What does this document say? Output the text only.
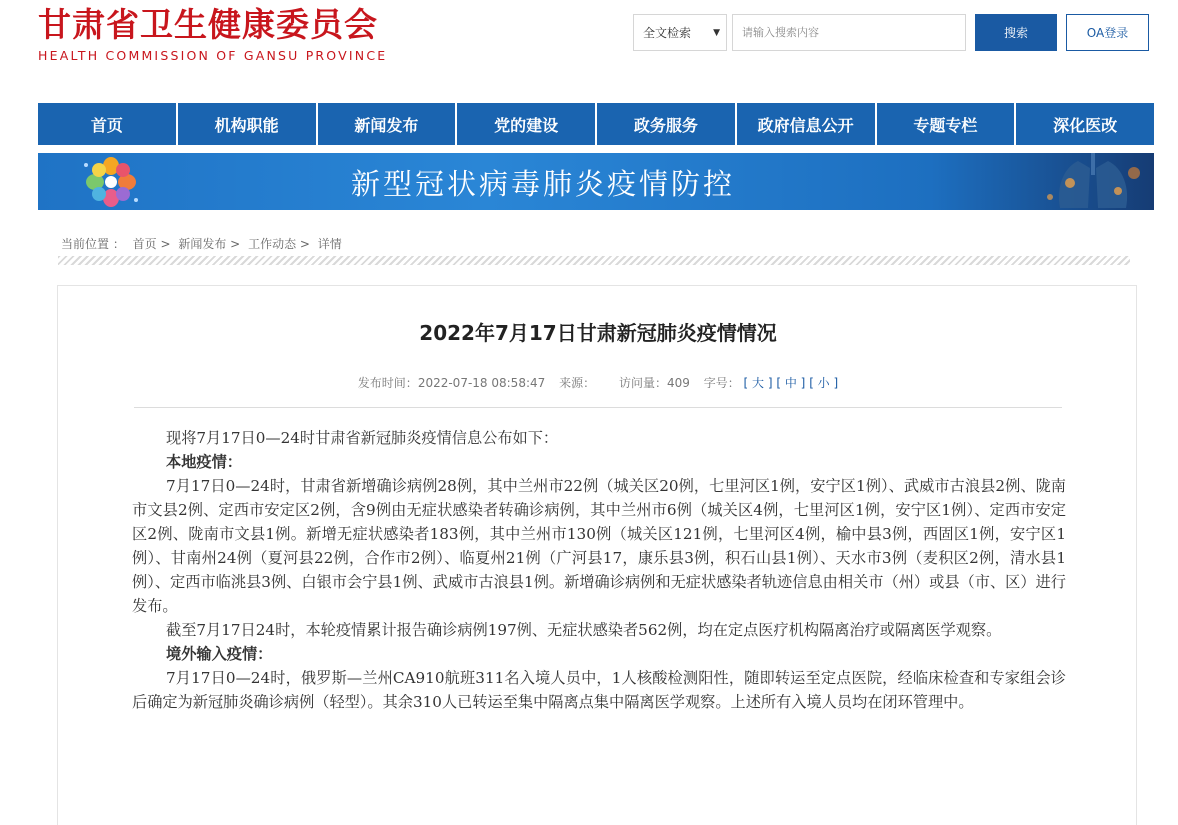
甘肃省卫生健康委员会
HEALTH COMMISSION OF GANSU PROVINCE
全文检索 ▼
请输入搜索内容	搜索	OA登录
首页	机构职能	新闻发布	党的建设	政务服务	政府信息公开	专题专栏	深化医改
新型冠状病毒肺炎疫情防控
当前位置 ： 首页 > 新闻发布 > 工作动态 > 详情
2022年7月17日甘肃新冠肺炎疫情情况
发布时间：2022-07-18 08:58:47 来源： 访问量：409 字号： [ 大 ] [ 中 ] [ 小 ]

现将7月17日0—24时甘肃省新冠肺炎疫情信息公布如下：

本地疫情：

7月17日0—24时，甘肃省新增确诊病例28例，其中兰州市22例（城关区20例，七里河区1例，安宁区1例）、武威市古浪县2例、陇南市文县2例、定西市安定区2例，含9例由无症状感染者转确诊病例，其中兰州市6例（城关区4例，七里河区1例，安宁区1例）、定西市安定区2例、陇南市文县1例。新增无症状感染者183例，其中兰州市130例（城关区121例，七里河区4例，榆中县3例，西固区1例，安宁区1例）、甘南州24例（夏河县22例，合作市2例）、临夏州21例（广河县17，康乐县3例，积石山县1例）、天水市3例（麦积区2例，清水县1例）、定西市临洮县3例、白银市会宁县1例、武威市古浪县1例。新增确诊病例和无症状感染者轨迹信息由相关市（州）或县（市、区）进行发布。

截至7月17日24时，本轮疫情累计报告确诊病例197例、无症状感染者562例，均在定点医疗机构隔离治疗或隔离医学观察。

境外输入疫情：

7月17日0—24时，俄罗斯—兰州CA910航班311名入境人员中，1人核酸检测阳性，随即转运至定点医院，经临床检查和专家组会诊后确定为新冠肺炎确诊病例（轻型）。其余310人已转运至集中隔离点集中隔离医学观察。上述所有入境人员均在闭环管理中。
